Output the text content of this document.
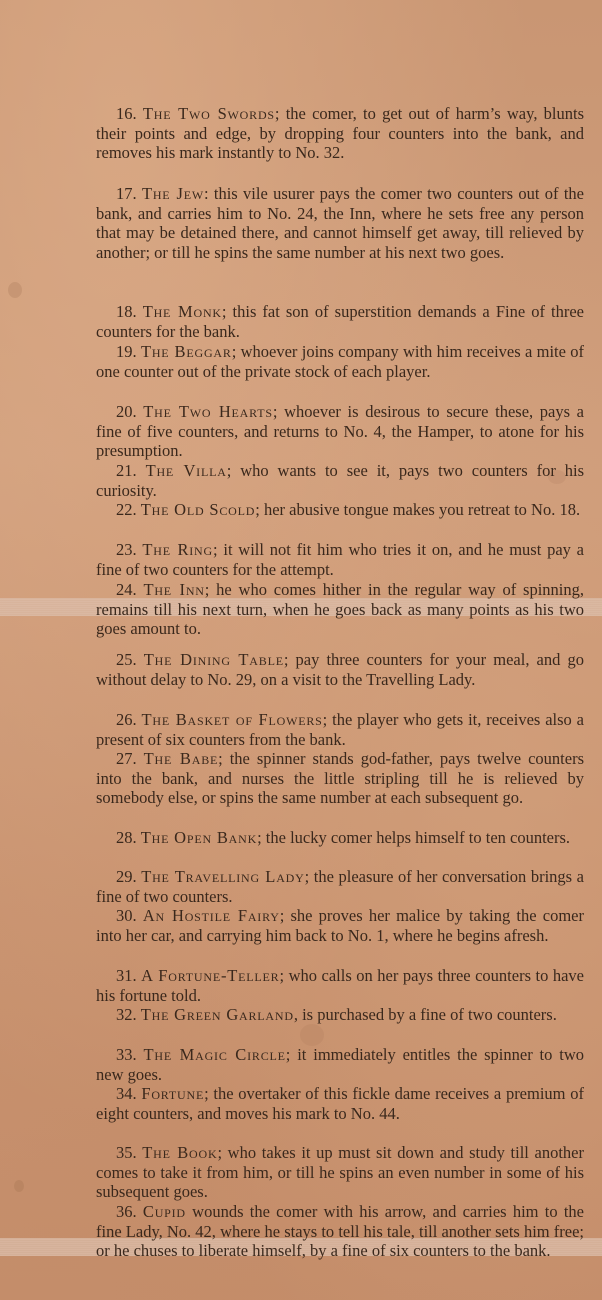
16. The Two Swords; the comer, to get out of harm’s way, blunts their points and edge, by dropping four counters into the bank, and removes his mark instantly to No. 32.

17. The Jew: this vile usurer pays the comer two counters out of the bank, and carries him to No. 24, the Inn, where he sets free any person that may be detained there, and cannot himself get away, till relieved by another; or till he spins the same number at his next two goes.

18. The Monk; this fat son of superstition demands a Fine of three counters for the bank.

19. The Beggar; whoever joins company with him receives a mite of one counter out of the private stock of each player.

20. The Two Hearts; whoever is desirous to secure these, pays a fine of five counters, and returns to No. 4, the Hamper, to atone for his presumption.

21. The Villa; who wants to see it, pays two counters for his curiosity.

22. The Old Scold; her abusive tongue makes you retreat to No. 18.

23. The Ring; it will not fit him who tries it on, and he must pay a fine of two counters for the attempt.

24. The Inn; he who comes hither in the regular way of spinning, remains till his next turn, when he goes back as many points as his two goes amount to.

25. The Dining Table; pay three counters for your meal, and go without delay to No. 29, on a visit to the Travelling Lady.

26. The Basket of Flowers; the player who gets it, receives also a present of six counters from the bank.

27. The Babe; the spinner stands god-father, pays twelve counters into the bank, and nurses the little stripling till he is relieved by somebody else, or spins the same number at each subsequent go.

28. The Open Bank; the lucky comer helps himself to ten counters.

29. The Travelling Lady; the pleasure of her conversation brings a fine of two counters.

30. An Hostile Fairy; she proves her malice by taking the comer into her car, and carrying him back to No. 1, where he begins afresh.

31. A Fortune-Teller; who calls on her pays three counters to have his fortune told.

32. The Green Garland, is purchased by a fine of two counters.

33. The Magic Circle; it immediately entitles the spinner to two new goes.

34. Fortune; the overtaker of this fickle dame receives a premium of eight counters, and moves his mark to No. 44.

35. The Book; who takes it up must sit down and study till another comes to take it from him, or till he spins an even number in some of his subsequent goes.

36. Cupid wounds the comer with his arrow, and carries him to the fine Lady, No. 42, where he stays to tell his tale, till another sets him free; or he chuses to liberate himself, by a fine of six counters to the bank.
